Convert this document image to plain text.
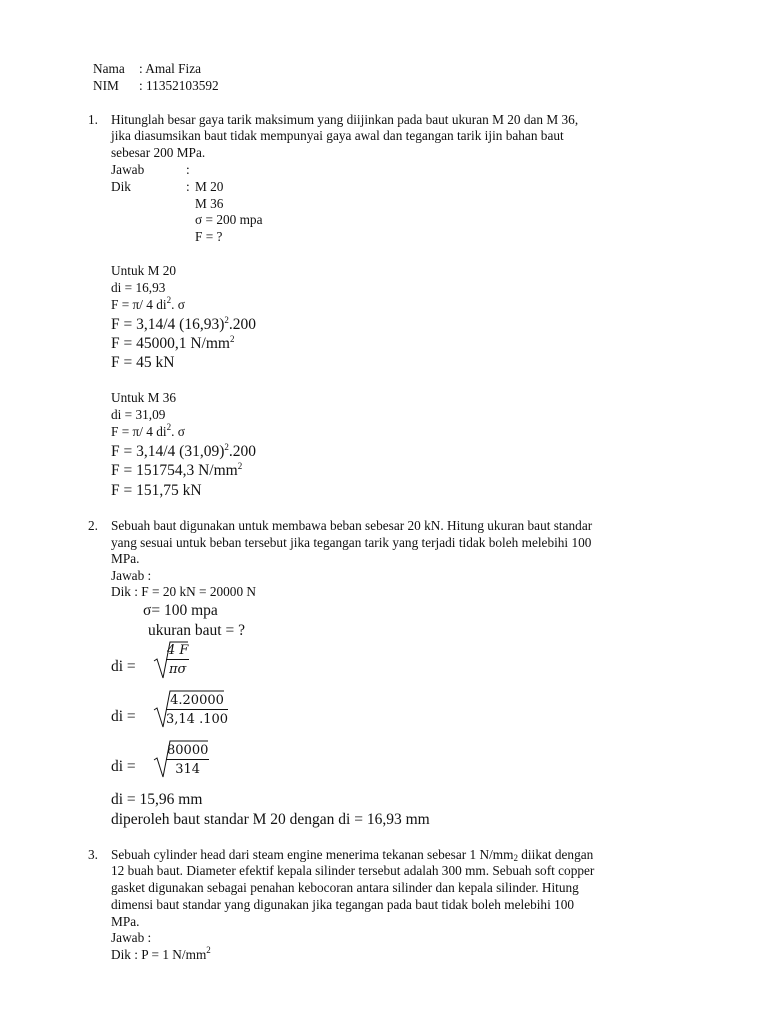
Nama : Amal Fiza
NIM : 11352103592
1. Hitunglah besar gaya tarik maksimum yang diijinkan pada baut ukuran M 20 dan M 36,
jika diasumsikan baut tidak mempunyai gaya awal dan tegangan tarik ijin bahan baut
sebesar 200 MPa.
Jawab	:
Dik	: M 20
M 36
σ = 200 mpa
F = ?
Untuk M 20
di = 16,93
F = π/ 4 $di^2$. σ
F = 3,14/4 $(16,93)^2.200$
F = 45000,1 $N/mm^2$
F = 45 kN
Untuk M 36
di = 31,09
F = π/ 4 $di^2$. σ
F = 3,14/4 $(31,09)^2.200$
F = 151754,3 $N/mm^2$
F = 151,75 kN
2. Sebuah baut digunakan untuk membawa beban sebesar 20 kN. Hitung ukuran baut standar
yang sesuai untuk beban tersebut jika tegangan tarik yang terjadi tidak boleh melebihi 100
MPa.
Jawab :
Dik : F = 20 kN = 20000 N
σ= 100 mpa
ukuran baut = ?
di = $\frac{4 F}{\pi\sigma}$
di = $\frac{4.20000}{3,14 .100}$
di = $\frac{80000}{314}$
di = 15,96 mm
diperoleh baut standar M 20 dengan di = 16,93 mm
3. Sebuah cylinder head dari steam engine menerima tekanan sebesar 1 N/mm2 diikat dengan
12 buah baut. Diameter efektif kepala silinder tersebut adalah 300 mm. Sebuah soft copper
gasket digunakan sebagai penahan kebocoran antara silinder dan kepala silinder. Hitung
dimensi baut standar yang digunakan jika tegangan pada baut tidak boleh melebihi 100
MPa.
Jawab :
Dik : P = 1 $N/mm^2$
